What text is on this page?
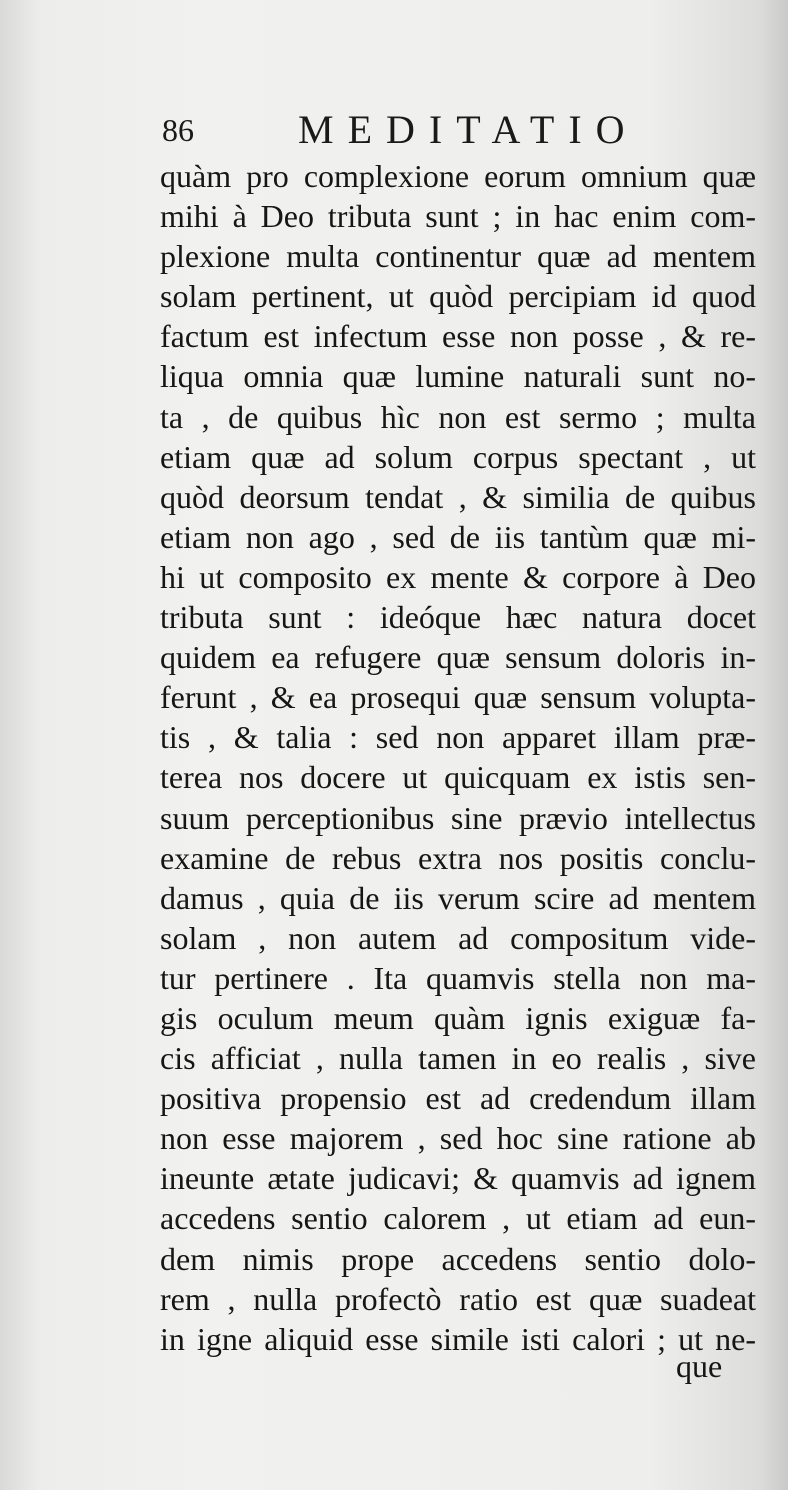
86	MEDITATIO
quàm pro complexione eorum omnium quæ
mihi à Deo tributa sunt ; in hac enim com-
plexione multa continentur quæ ad mentem
solam pertinent, ut quòd percipiam id quod
factum est infectum esse non posse , & re-
liqua omnia quæ lumine naturali sunt no-
ta , de quibus hìc non est sermo ; multa
etiam quæ ad solum corpus spectant , ut
quòd deorsum tendat , & similia de quibus
etiam non ago , sed de iis tantùm quæ mi-
hi ut composito ex mente & corpore à Deo
tributa sunt : ideóque hæc natura docet
quidem ea refugere quæ sensum doloris in-
ferunt , & ea prosequi quæ sensum volupta-
tis , & talia : sed non apparet illam præ-
terea nos docere ut quicquam ex istis sen-
suum perceptionibus sine prævio intellectus
examine de rebus extra nos positis conclu-
damus , quia de iis verum scire ad mentem
solam , non autem ad compositum vide-
tur pertinere . Ita quamvis stella non ma-
gis oculum meum quàm ignis exiguæ fa-
cis afficiat , nulla tamen in eo realis , sive
positiva propensio est ad credendum illam
non esse majorem , sed hoc sine ratione ab
ineunte ætate judicavi; & quamvis ad ignem
accedens sentio calorem , ut etiam ad eun-
dem nimis prope accedens sentio dolo-
rem , nulla profectò ratio est quæ suadeat
in igne aliquid esse simile isti calori ; ut ne-
que
